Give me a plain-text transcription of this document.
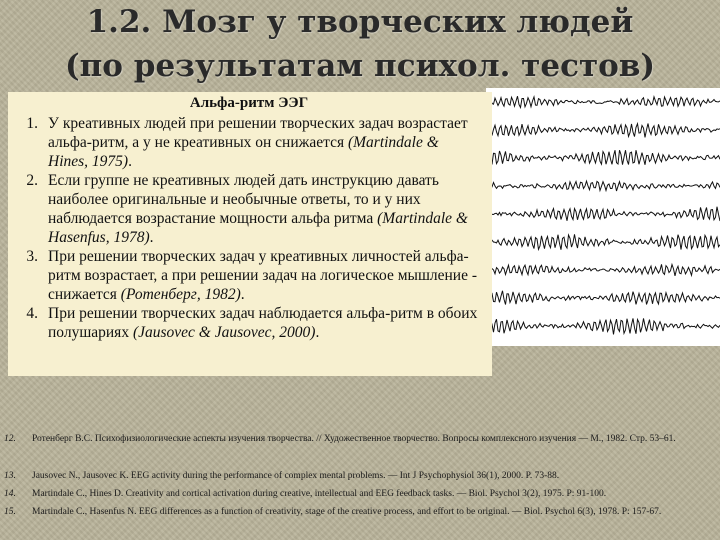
1.2. Мозг у творческих людей
(по результатам психол. тестов)
Альфа-ритм ЭЭГ
1. У креативных людей при решении творческих задач возрастает альфа-ритм, а у не креативных он снижается (Martindale & Hines, 1975).
2. Если группе не креативных людей дать инструкцию давать наиболее оригинальные и необычные ответы, то и у них наблюдается возрастание мощности альфа ритма (Martindale & Hasenfus, 1978).
3. При решении творческих задач у креативных личностей альфа-ритм возрастает, а при решении задач на логическое мышление - снижается (Ротенберг, 1982).
4. При решении творческих задач наблюдается альфа-ритм в обоих полушариях (Jausovec & Jausovec, 2000).
12. Ротенберг В.С. Психофизиологические аспекты изучения творчества. // Художественное творчество. Вопросы комплексного изучения — М., 1982. Стр. 53–61.
13. Jausovec N., Jausovec K. EEG activity during the performance of complex mental problems. — Int J Psychophysiol 36(1), 2000. P. 73-88.
14. Martindale C., Hines D. Creativity and cortical activation during creative, intellectual and EEG feedback tasks. — Biol. Psychol 3(2), 1975. P: 91-100.
15. Martindale C., Hasenfus N. EEG differences as a function of creativity, stage of the creative process, and effort to be original. — Biol. Psychol 6(3), 1978. P: 157-67.
